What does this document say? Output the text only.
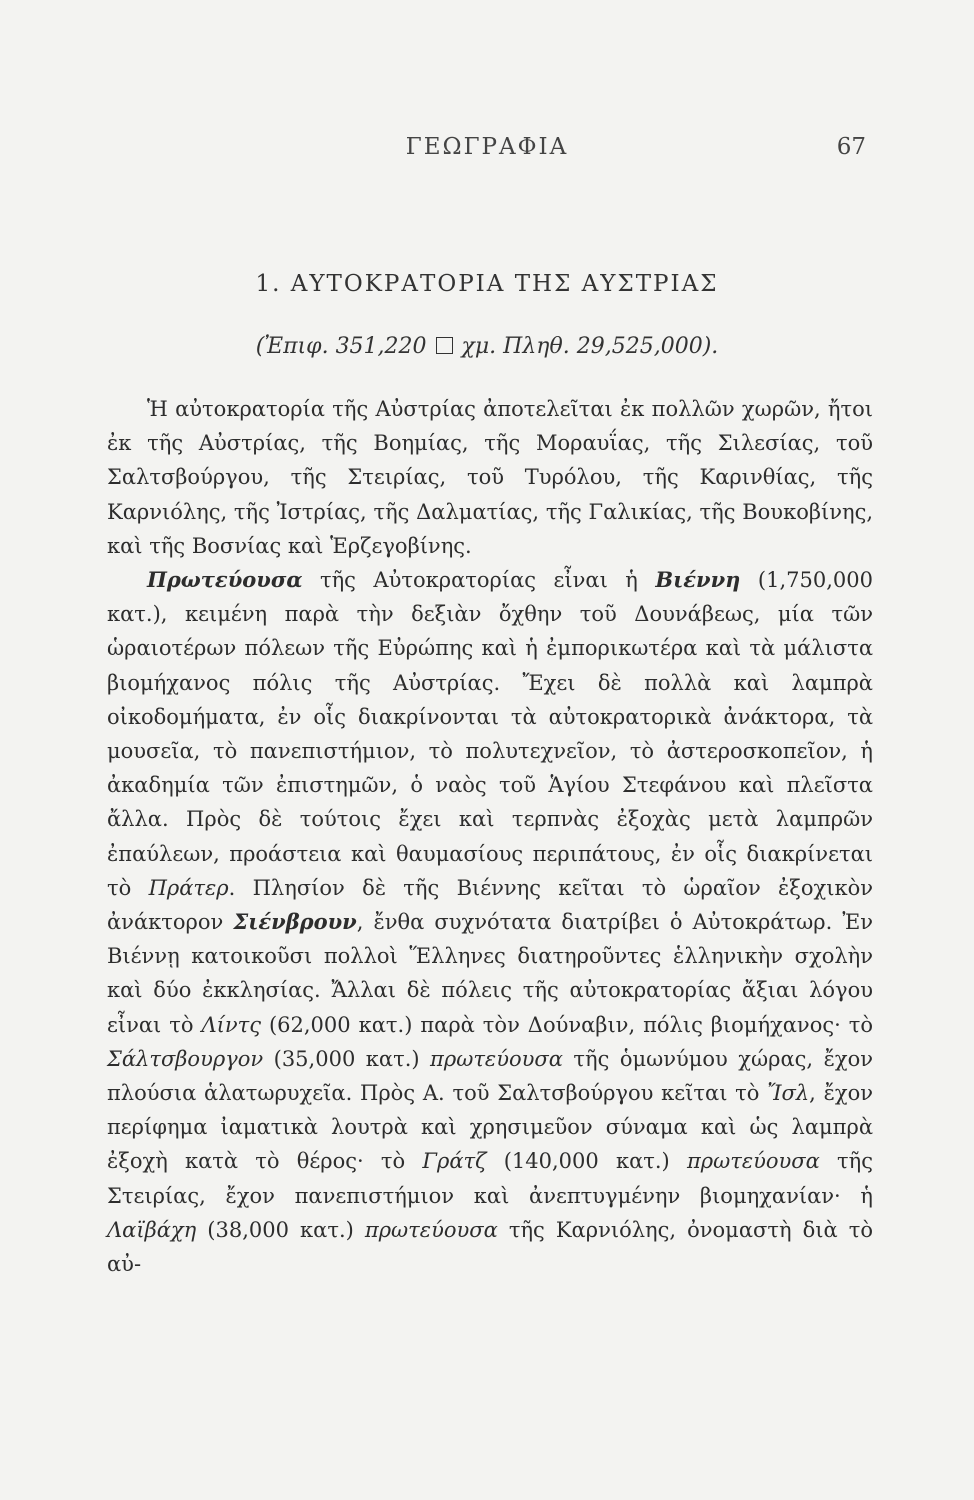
ΓΕΩΓΡΑΦΙΑ	67
1. ΑΥΤΟΚΡΑΤΟΡΙΑ ΤΗΣ ΑΥΣΤΡΙΑΣ
(Ἐπιφ. 351,220 χμ. Πληθ. 29,525,000).

Ἡ αὐτοκρατορία τῆς Αὐστρίας ἀποτελεῖται ἐκ πολλῶν χωρῶν, ἤτοι ἐκ τῆς Αὐστρίας, τῆς Βοημίας, τῆς Μοραυΐας, τῆς Σιλεσίας, τοῦ Σαλτσβούργου, τῆς Στειρίας, τοῦ Τυρόλου, τῆς Καρινθίας, τῆς Καρνιόλης, τῆς Ἰστρίας, τῆς Δαλματίας, τῆς Γαλικίας, τῆς Βουκοβίνης, καὶ τῆς Βοσνίας καὶ Ἑρζεγοβίνης.

Πρωτεύουσα τῆς Αὐτοκρατορίας εἶναι ἡ Βιέννη (1,750,000 κατ.), κειμένη παρὰ τὴν δεξιὰν ὄχθην τοῦ Δουνάβεως, μία τῶν ὡραιοτέρων πόλεων τῆς Εὐρώπης καὶ ἡ ἐμπορικωτέρα καὶ τὰ μάλιστα βιομήχανος πόλις τῆς Αὐστρίας. Ἔχει δὲ πολλὰ καὶ λαμπρὰ οἰκοδομήματα, ἐν οἷς διακρίνονται τὰ αὐτοκρατορικὰ ἀνάκτορα, τὰ μουσεῖα, τὸ πανεπιστήμιον, τὸ πολυτεχνεῖον, τὸ ἀστεροσκοπεῖον, ἡ ἀκαδημία τῶν ἐπιστημῶν, ὁ ναὸς τοῦ Ἁγίου Στεφάνου καὶ πλεῖστα ἄλλα. Πρὸς δὲ τούτοις ἔχει καὶ τερπνὰς ἐξοχὰς μετὰ λαμπρῶν ἐπαύλεων, προάστεια καὶ θαυμασίους περιπάτους, ἐν οἷς διακρίνεται τὸ Πράτερ. Πλησίον δὲ τῆς Βιέννης κεῖται τὸ ὡραῖον ἐξοχικὸν ἀνάκτορον Σιένβρουν, ἔνθα συχνότατα διατρίβει ὁ Αὐτοκράτωρ. Ἐν Βιέννῃ κατοικοῦσι πολλοὶ Ἕλληνες διατηροῦντες ἑλληνικὴν σχολὴν καὶ δύο ἐκκλησίας. Ἄλλαι δὲ πόλεις τῆς αὐτοκρατορίας ἄξιαι λόγου εἶναι τὸ Λίντς (62,000 κατ.) παρὰ τὸν Δούναβιν, πόλις βιομήχανος· τὸ Σάλτσβουργον (35,000 κατ.) πρωτεύουσα τῆς ὁμωνύμου χώρας, ἔχον πλούσια ἁλατωρυχεῖα. Πρὸς Α. τοῦ Σαλτσβούργου κεῖται τὸ Ἴσλ, ἔχον περίφημα ἰαματικὰ λουτρὰ καὶ χρησιμεῦον σύναμα καὶ ὡς λαμπρὰ ἐξοχὴ κατὰ τὸ θέρος· τὸ Γράτζ (140,000 κατ.) πρωτεύουσα τῆς Στειρίας, ἔχον πανεπιστήμιον καὶ ἀνεπτυγμένην βιομηχανίαν· ἡ Λαϊβάχη (38,000 κατ.) πρωτεύουσα τῆς Καρνιόλης, ὀνομαστὴ διὰ τὸ αὐ-
